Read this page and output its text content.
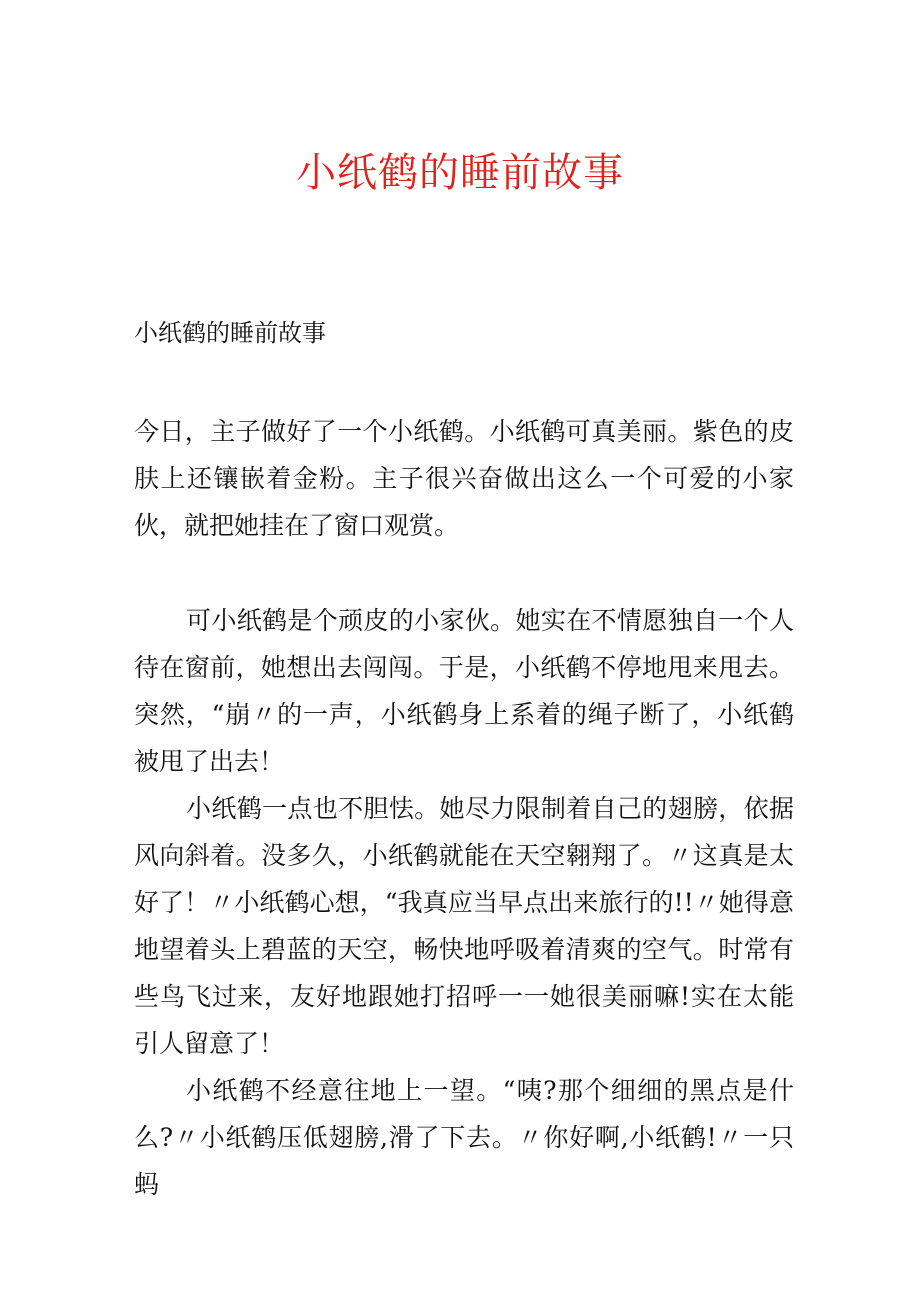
小纸鹤的睡前故事

小纸鹤的睡前故事

今日，主子做好了一个小纸鹤。小纸鹤可真美丽。紫色的皮肤上还镶嵌着金粉。主子很兴奋做出这么一个可爱的小家伙，就把她挂在了窗口观赏。

可小纸鹤是个顽皮的小家伙。她实在不情愿独自一个人待在窗前，她想出去闯闯。于是，小纸鹤不停地甩来甩去。突然，“崩〃的一声，小纸鹤身上系着的绳子断了，小纸鹤被甩了出去！

小纸鹤一点也不胆怯。她尽力限制着自己的翅膀，依据风向斜着。没多久，小纸鹤就能在天空翱翔了。〃这真是太好了！〃小纸鹤心想，“我真应当早点出来旅行的!!〃她得意地望着头上碧蓝的天空，畅快地呼吸着清爽的空气。时常有些鸟飞过来，友好地跟她打招呼一一她很美丽嘛!实在太能引人留意了！

小纸鹤不经意往地上一望。“咦?那个细细的黑点是什么?〃小纸鹤压低翅膀,滑了下去。〃你好啊,小纸鹤!〃一只蚂
